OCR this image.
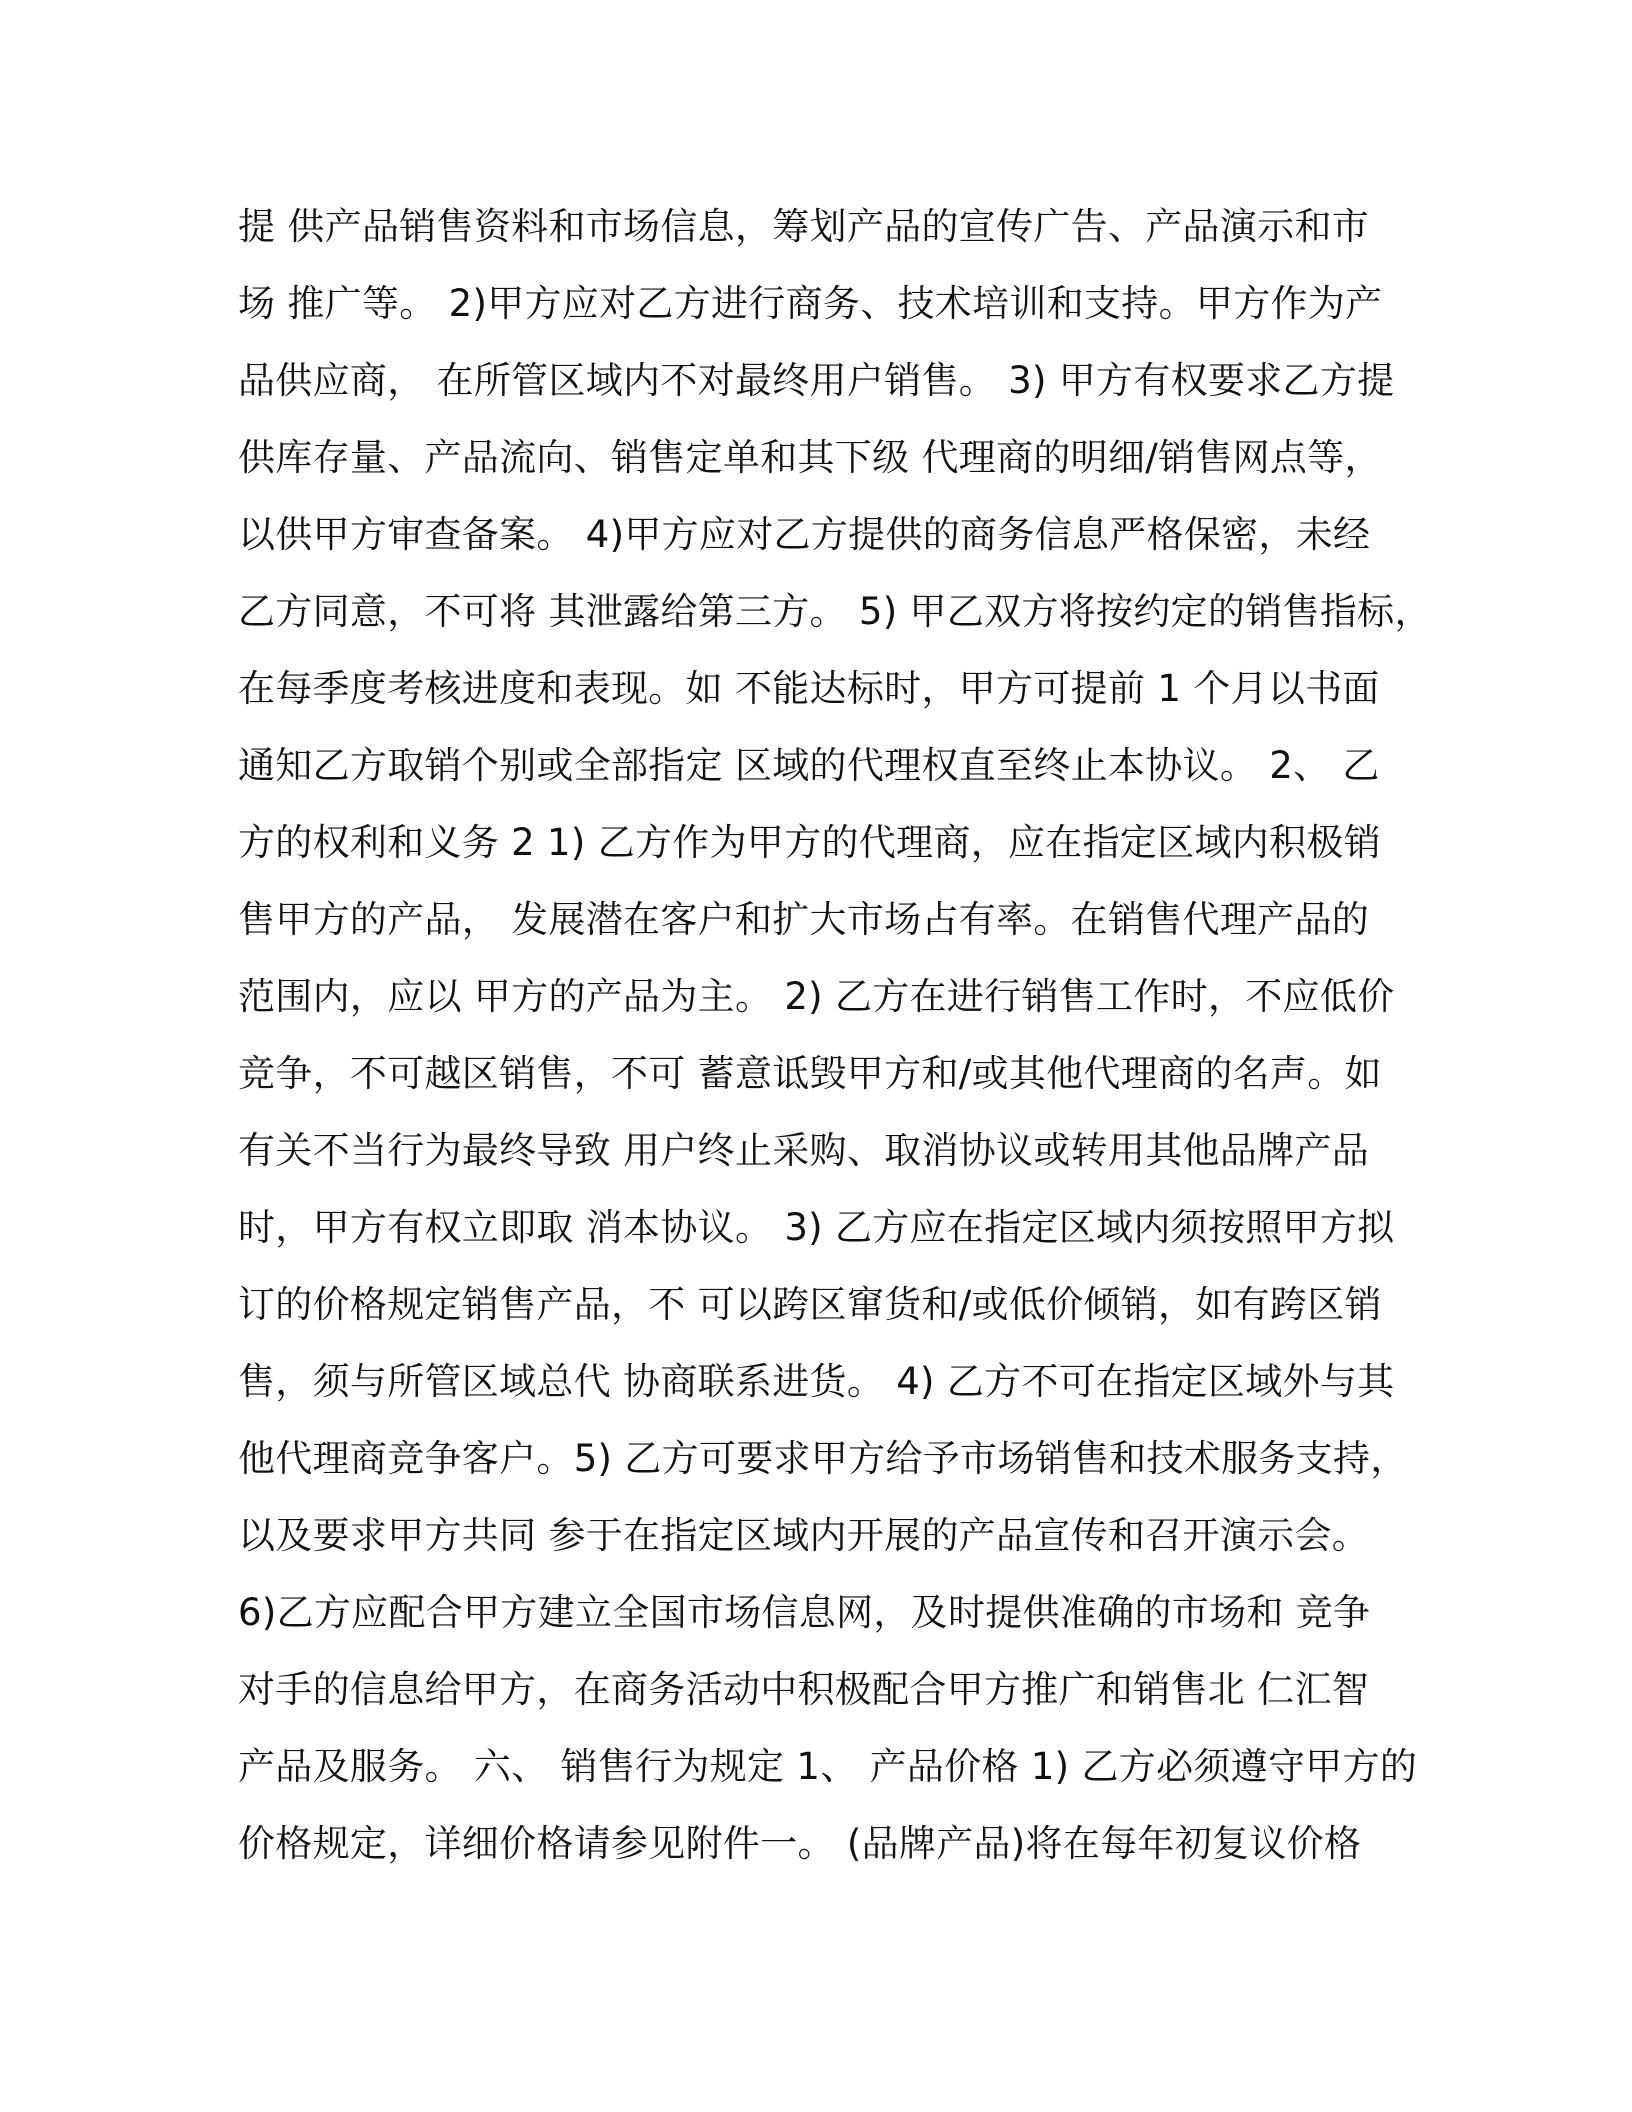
提 供产品销售资料和市场信息，筹划产品的宣传广告、产品演示和市
场 推广等。 2)甲方应对乙方进行商务、技术培训和支持。甲方作为产
品供应商， 在所管区域内不对最终用户销售。 3) 甲方有权要求乙方提
供库存量、产品流向、销售定单和其下级 代理商的明细/销售网点等，
以供甲方审查备案。 4)甲方应对乙方提供的商务信息严格保密，未经
乙方同意，不可将 其泄露给第三方。 5) 甲乙双方将按约定的销售指标，
在每季度考核进度和表现。如 不能达标时，甲方可提前 1 个月以书面
通知乙方取销个别或全部指定 区域的代理权直至终止本协议。 2、 乙
方的权利和义务 2 1) 乙方作为甲方的代理商，应在指定区域内积极销
售甲方的产品， 发展潜在客户和扩大市场占有率。在销售代理产品的
范围内，应以 甲方的产品为主。 2) 乙方在进行销售工作时，不应低价
竞争，不可越区销售，不可 蓄意诋毁甲方和/或其他代理商的名声。如
有关不当行为最终导致 用户终止采购、取消协议或转用其他品牌产品
时，甲方有权立即取 消本协议。 3) 乙方应在指定区域内须按照甲方拟
订的价格规定销售产品，不 可以跨区窜货和/或低价倾销，如有跨区销
售，须与所管区域总代 协商联系进货。 4) 乙方不可在指定区域外与其
他代理商竞争客户。5) 乙方可要求甲方给予市场销售和技术服务支持，
以及要求甲方共同 参于在指定区域内开展的产品宣传和召开演示会。
6)乙方应配合甲方建立全国市场信息网，及时提供准确的市场和 竞争
对手的信息给甲方，在商务活动中积极配合甲方推广和销售北 仁汇智
产品及服务。 六、 销售行为规定 1、 产品价格 1) 乙方必须遵守甲方的
价格规定，详细价格请参见附件一。 (品牌产品)将在每年初复议价格
